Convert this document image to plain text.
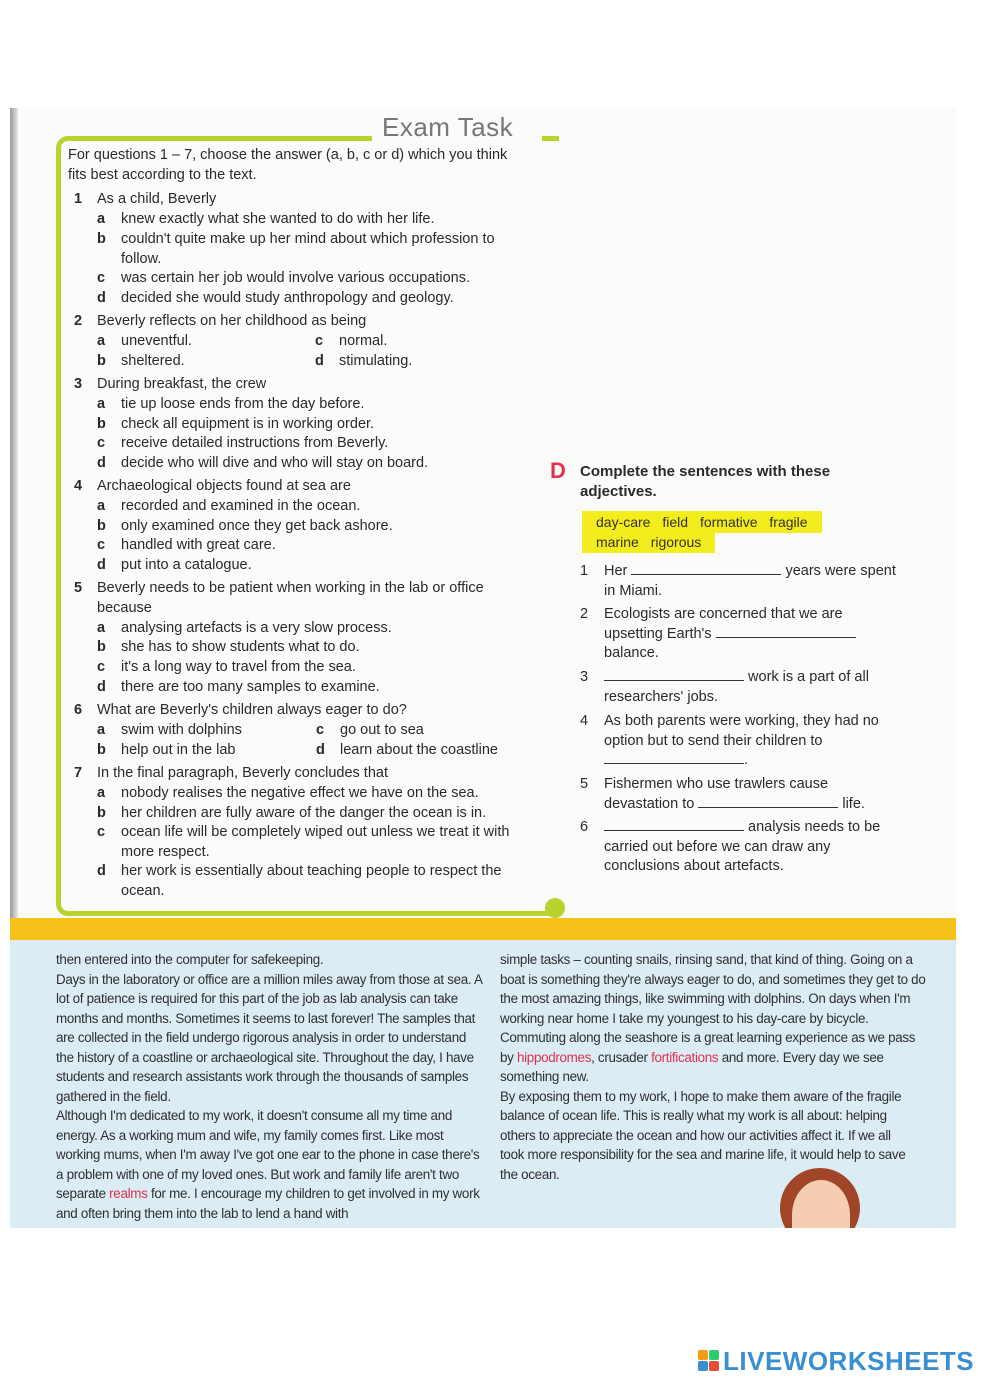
Exam Task
For questions 1 – 7, choose the answer (a, b, c or d) which you think fits best according to the text.
1 As a child, Beverly
a knew exactly what she wanted to do with her life.
b couldn't quite make up her mind about which profession to follow.
c was certain her job would involve various occupations.
d decided she would study anthropology and geology.
2 Beverly reflects on her childhood as being
a uneventful.	c normal.
b sheltered.	d stimulating.
3 During breakfast, the crew
a tie up loose ends from the day before.
b check all equipment is in working order.
c receive detailed instructions from Beverly.
d decide who will dive and who will stay on board.
4 Archaeological objects found at sea are
a recorded and examined in the ocean.
b only examined once they get back ashore.
c handled with great care.
d put into a catalogue.
5 Beverly needs to be patient when working in the lab or office because
a analysing artefacts is a very slow process.
b she has to show students what to do.
c it's a long way to travel from the sea.
d there are too many samples to examine.
6 What are Beverly's children always eager to do?
a swim with dolphins	c go out to sea
b help out in the lab	d learn about the coastline
7 In the final paragraph, Beverly concludes that
a nobody realises the negative effect we have on the sea.
b her children are fully aware of the danger the ocean is in.
c ocean life will be completely wiped out unless we treat it with more respect.
d her work is essentially about teaching people to respect the ocean.
D Complete the sentences with these adjectives.
day-care field formative fragile
marine rigorous
1 Her	years were spent in Miami.
2 Ecologists are concerned that we are upsetting Earth's  balance.
3	work is a part of all researchers' jobs.
4 As both parents were working, they had no option but to send their children to
.
5 Fishermen who use trawlers cause devastation to	life.
6	analysis needs to be carried out before we can draw any conclusions about artefacts.
then entered into the computer for safekeeping.
Days in the laboratory or office are a million miles away from those at sea. A lot of patience is required for this part of the job as lab analysis can take months and months. Sometimes it seems to last forever! The samples that are collected in the field undergo rigorous analysis in order to understand the history of a coastline or archaeological site. Throughout the day, I have students and research assistants work through the thousands of samples gathered in the field.
Although I'm dedicated to my work, it doesn't consume all my time and energy. As a working mum and wife, my family comes first. Like most working mums, when I'm away I've got one ear to the phone in case there's a problem with one of my loved ones. But work and family life aren't two separate realms for me. I encourage my children to get involved in my work and often bring them into the lab to lend a hand with
simple tasks – counting snails, rinsing sand, that kind of thing. Going on a boat is something they're always eager to do, and sometimes they get to do the most amazing things, like swimming with dolphins. On days when I'm working near home I take my youngest to his day-care by bicycle. Commuting along the seashore is a great learning experience as we pass by hippodromes, crusader fortifications and more. Every day we see something new.
By exposing them to my work, I hope to make them aware of the fragile balance of ocean life. This is really what my work is all about: helping others to appreciate the ocean and how our activities affect it. If we all took more responsibility for the sea and marine life, it would help to save the ocean.
LIVEWORKSHEETS
